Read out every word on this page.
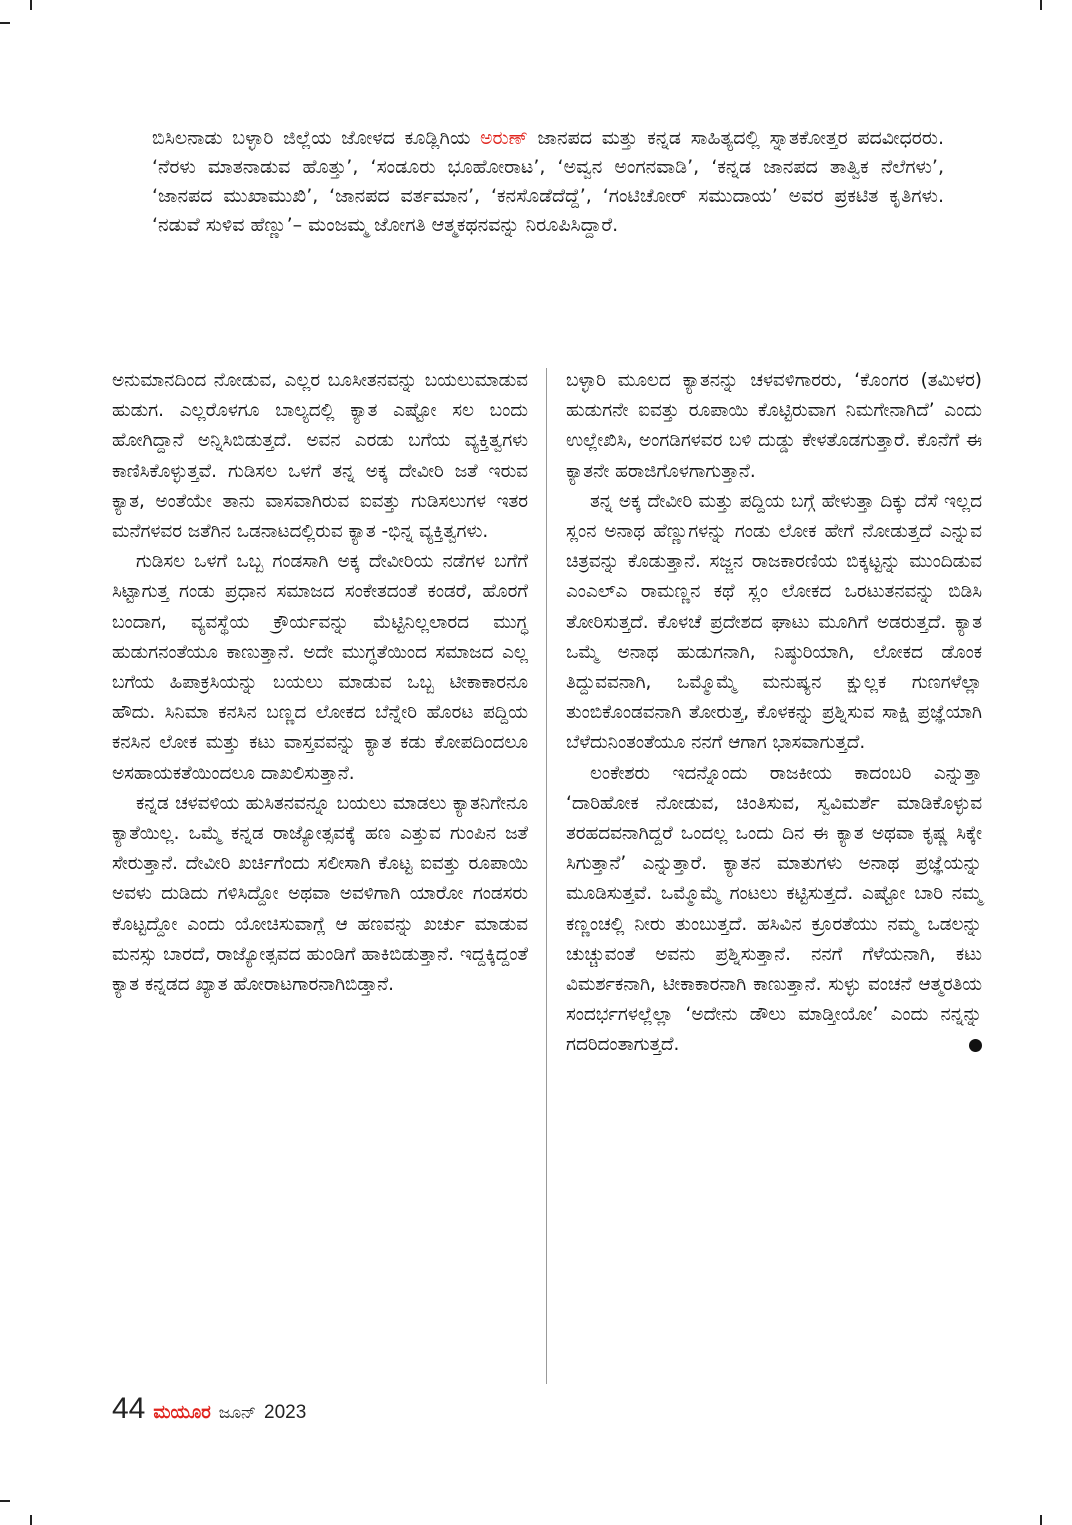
ಬಿಸಿಲನಾಡು ಬಳ್ಳಾರಿ ಜಿಲ್ಲೆಯ ಜೋಳದ ಕೂಡ್ಲಿಗಿಯ ಅರುಣ್ ಜಾನಪದ ಮತ್ತು ಕನ್ನಡ ಸಾಹಿತ್ಯದಲ್ಲಿ ಸ್ನಾತಕೋತ್ತರ ಪದವೀಧರರು. ‘ನೆರಳು ಮಾತನಾಡುವ ಹೊತ್ತು’, ‘ಸಂಡೂರು ಭೂಹೋರಾಟ’, ‘ಅವ್ವನ ಅಂಗನವಾಡಿ’, ‘ಕನ್ನಡ ಜಾನಪದ ತಾತ್ವಿಕ ನೆಲೆಗಳು’, ‘ಜಾನಪದ ಮುಖಾಮುಖಿ’, ‘ಜಾನಪದ ವರ್ತಮಾನ’, ‘ಕನಸೊಡೆದೆದ್ದೆ’, ‘ಗಂಟಿಚೋರ್ ಸಮುದಾಯ’ ಅವರ ಪ್ರಕಟಿತ ಕೃತಿಗಳು. ‘ನಡುವೆ ಸುಳಿವ ಹೆಣ್ಣು’– ಮಂಜಮ್ಮ ಜೋಗತಿ ಆತ್ಮಕಥನವನ್ನು ನಿರೂಪಿಸಿದ್ದಾರೆ.

ಅನುಮಾನದಿಂದ ನೋಡುವ, ಎಲ್ಲರ ಬೂಸೀತನವನ್ನು ಬಯಲುಮಾಡುವ ಹುಡುಗ. ಎಲ್ಲರೊಳಗೂ ಬಾಲ್ಯದಲ್ಲಿ ಕ್ಯಾತ ಎಷ್ಟೋ ಸಲ ಬಂದು ಹೋಗಿದ್ದಾನೆ ಅನ್ನಿಸಿಬಿಡುತ್ತದೆ. ಅವನ ಎರಡು ಬಗೆಯ ವ್ಯಕ್ತಿತ್ವಗಳು ಕಾಣಿಸಿಕೊಳ್ಳುತ್ತವೆ. ಗುಡಿಸಲ ಒಳಗೆ ತನ್ನ ಅಕ್ಕ ದೇವೀರಿ ಜತೆ ಇರುವ ಕ್ಯಾತ, ಅಂತೆಯೇ ತಾನು ವಾಸವಾಗಿರುವ ಐವತ್ತು ಗುಡಿಸಲುಗಳ ಇತರ ಮನೆಗಳವರ ಜತೆಗಿನ ಒಡನಾಟದಲ್ಲಿರುವ ಕ್ಯಾತ -ಭಿನ್ನ ವ್ಯಕ್ತಿತ್ವಗಳು.

ಗುಡಿಸಲ ಒಳಗೆ ಒಬ್ಬ ಗಂಡಸಾಗಿ ಅಕ್ಕ ದೇವೀರಿಯ ನಡೆಗಳ ಬಗೆಗೆ ಸಿಟ್ಟಾಗುತ್ತ ಗಂಡು ಪ್ರಧಾನ ಸಮಾಜದ ಸಂಕೇತದಂತೆ ಕಂಡರೆ, ಹೊರಗೆ ಬಂದಾಗ, ವ್ಯವಸ್ಥೆಯ ಕ್ರೌರ್ಯವನ್ನು ಮೆಟ್ಟಿನಿಲ್ಲಲಾರದ ಮುಗ್ಧ ಹುಡುಗನಂತೆಯೂ ಕಾಣುತ್ತಾನೆ. ಅದೇ ಮುಗ್ಧತೆಯಿಂದ ಸಮಾಜದ ಎಲ್ಲ ಬಗೆಯ ಹಿಪಾಕ್ರಸಿಯನ್ನು ಬಯಲು ಮಾಡುವ ಒಬ್ಬ ಟೀಕಾಕಾರನೂ ಹೌದು. ಸಿನಿಮಾ ಕನಸಿನ ಬಣ್ಣದ ಲೋಕದ ಬೆನ್ನೇರಿ ಹೊರಟ ಪದ್ದಿಯ ಕನಸಿನ ಲೋಕ ಮತ್ತು ಕಟು ವಾಸ್ತವವನ್ನು ಕ್ಯಾತ ಕಡು ಕೋಪದಿಂದಲೂ ಅಸಹಾಯಕತೆಯಿಂದಲೂ ದಾಖಲಿಸುತ್ತಾನೆ.

ಕನ್ನಡ ಚಳವಳಿಯ ಹುಸಿತನವನ್ನೂ ಬಯಲು ಮಾಡಲು ಕ್ಯಾತನಿಗೇನೂ ಕ್ಯಾತೆಯಿಲ್ಲ. ಒಮ್ಮೆ ಕನ್ನಡ ರಾಜ್ಯೋತ್ಸವಕ್ಕೆ ಹಣ ಎತ್ತುವ ಗುಂಪಿನ ಜತೆ ಸೇರುತ್ತಾನೆ. ದೇವೀರಿ ಖರ್ಚಿಗೆಂದು ಸಲೀಸಾಗಿ ಕೊಟ್ಟ ಐವತ್ತು ರೂಪಾಯಿ ಅವಳು ದುಡಿದು ಗಳಿಸಿದ್ದೋ ಅಥವಾ ಅವಳಿಗಾಗಿ ಯಾರೋ ಗಂಡಸರು ಕೊಟ್ಟದ್ದೋ ಎಂದು ಯೋಚಿಸುವಾಗ್ಲೆ ಆ ಹಣವನ್ನು ಖರ್ಚು ಮಾಡುವ ಮನಸ್ಸು ಬಾರದೆ, ರಾಜ್ಯೋತ್ಸವದ ಹುಂಡಿಗೆ ಹಾಕಿಬಿಡುತ್ತಾನೆ. ಇದ್ದಕ್ಕಿದ್ದಂತೆ ಕ್ಯಾತ ಕನ್ನಡದ ಖ್ಯಾತ ಹೋರಾಟಗಾರನಾಗಿಬಿಡ್ತಾನೆ.

ಬಳ್ಳಾರಿ ಮೂಲದ ಕ್ಯಾತನನ್ನು ಚಳವಳಿಗಾರರು, ‘ಕೊಂಗರ (ತಮಿಳರ) ಹುಡುಗನೇ ಐವತ್ತು ರೂಪಾಯಿ ಕೊಟ್ಟಿರುವಾಗ ನಿಮಗೇನಾಗಿದೆ’ ಎಂದು ಉಲ್ಲೇಖಿಸಿ, ಅಂಗಡಿಗಳವರ ಬಳಿ ದುಡ್ಡು ಕೇಳತೊಡಗುತ್ತಾರೆ. ಕೊನೆಗೆ ಈ ಕ್ಯಾತನೇ ಹರಾಜಿಗೊಳಗಾಗುತ್ತಾನೆ.

ತನ್ನ ಅಕ್ಕ ದೇವೀರಿ ಮತ್ತು ಪದ್ದಿಯ ಬಗ್ಗೆ ಹೇಳುತ್ತಾ ದಿಕ್ಕು ದೆಸೆ ಇಲ್ಲದ ಸ್ಲಂನ ಅನಾಥ ಹೆಣ್ಣುಗಳನ್ನು ಗಂಡು ಲೋಕ ಹೇಗೆ ನೋಡುತ್ತದೆ ಎನ್ನುವ ಚಿತ್ರವನ್ನು ಕೊಡುತ್ತಾನೆ. ಸಜ್ಜನ ರಾಜಕಾರಣಿಯ ಬಿಕ್ಕಟ್ಟನ್ನು ಮುಂದಿಡುವ ಎಂಎಲ್ಎ ರಾಮಣ್ಣನ ಕಥೆ ಸ್ಲಂ ಲೋಕದ ಒರಟುತನವನ್ನು ಬಿಡಿಸಿ ತೋರಿಸುತ್ತದೆ. ಕೊಳಚೆ ಪ್ರದೇಶದ ಘಾಟು ಮೂಗಿಗೆ ಅಡರುತ್ತದೆ. ಕ್ಯಾತ ಒಮ್ಮೆ ಅನಾಥ ಹುಡುಗನಾಗಿ, ನಿಷ್ಠುರಿಯಾಗಿ, ಲೋಕದ ಡೊಂಕ ತಿದ್ದುವವನಾಗಿ, ಒಮ್ಮೊಮ್ಮೆ ಮನುಷ್ಯನ ಕ್ಷುಲ್ಲಕ ಗುಣಗಳೆಲ್ಲಾ ತುಂಬಿಕೊಂಡವನಾಗಿ ತೋರುತ್ತ, ಕೊಳಕನ್ನು ಪ್ರಶ್ನಿಸುವ ಸಾಕ್ಷಿ ಪ್ರಜ್ಞೆಯಾಗಿ ಬೆಳೆದುನಿಂತಂತೆಯೂ ನನಗೆ ಆಗಾಗ ಭಾಸವಾಗುತ್ತದೆ.

ಲಂಕೇಶರು ಇದನ್ನೊಂದು ರಾಜಕೀಯ ಕಾದಂಬರಿ ಎನ್ನುತ್ತಾ ‘ದಾರಿಹೋಕ ನೋಡುವ, ಚಿಂತಿಸುವ, ಸ್ವವಿಮರ್ಶೆ ಮಾಡಿಕೊಳ್ಳುವ ತರಹದವನಾಗಿದ್ದರೆ ಒಂದಲ್ಲ ಒಂದು ದಿನ ಈ ಕ್ಯಾತ ಅಥವಾ ಕೃಷ್ಣ ಸಿಕ್ಕೇ ಸಿಗುತ್ತಾನೆ’ ಎನ್ನುತ್ತಾರೆ. ಕ್ಯಾತನ ಮಾತುಗಳು ಅನಾಥ ಪ್ರಜ್ಞೆಯನ್ನು ಮೂಡಿಸುತ್ತವೆ. ಒಮ್ಮೊಮ್ಮೆ ಗಂಟಲು ಕಟ್ಟಿಸುತ್ತದೆ. ಎಷ್ಟೋ ಬಾರಿ ನಮ್ಮ ಕಣ್ಣಂಚಲ್ಲಿ ನೀರು ತುಂಬುತ್ತದೆ. ಹಸಿವಿನ ಕ್ರೂರತೆಯು ನಮ್ಮ ಒಡಲನ್ನು ಚುಚ್ಚುವಂತೆ ಅವನು ಪ್ರಶ್ನಿಸುತ್ತಾನೆ. ನನಗೆ ಗೆಳೆಯನಾಗಿ, ಕಟು ವಿಮರ್ಶಕನಾಗಿ, ಟೀಕಾಕಾರನಾಗಿ ಕಾಣುತ್ತಾನೆ. ಸುಳ್ಳು ವಂಚನೆ ಆತ್ಮರತಿಯ ಸಂದರ್ಭಗಳಲ್ಲೆಲ್ಲಾ ‘ಅದೇನು ಡೌಲು ಮಾಡ್ತೀಯೋ’ ಎಂದು ನನ್ನನ್ನು ಗದರಿದಂತಾಗುತ್ತದೆ.

44 ಮಯೂರ ಜೂನ್ 2023
